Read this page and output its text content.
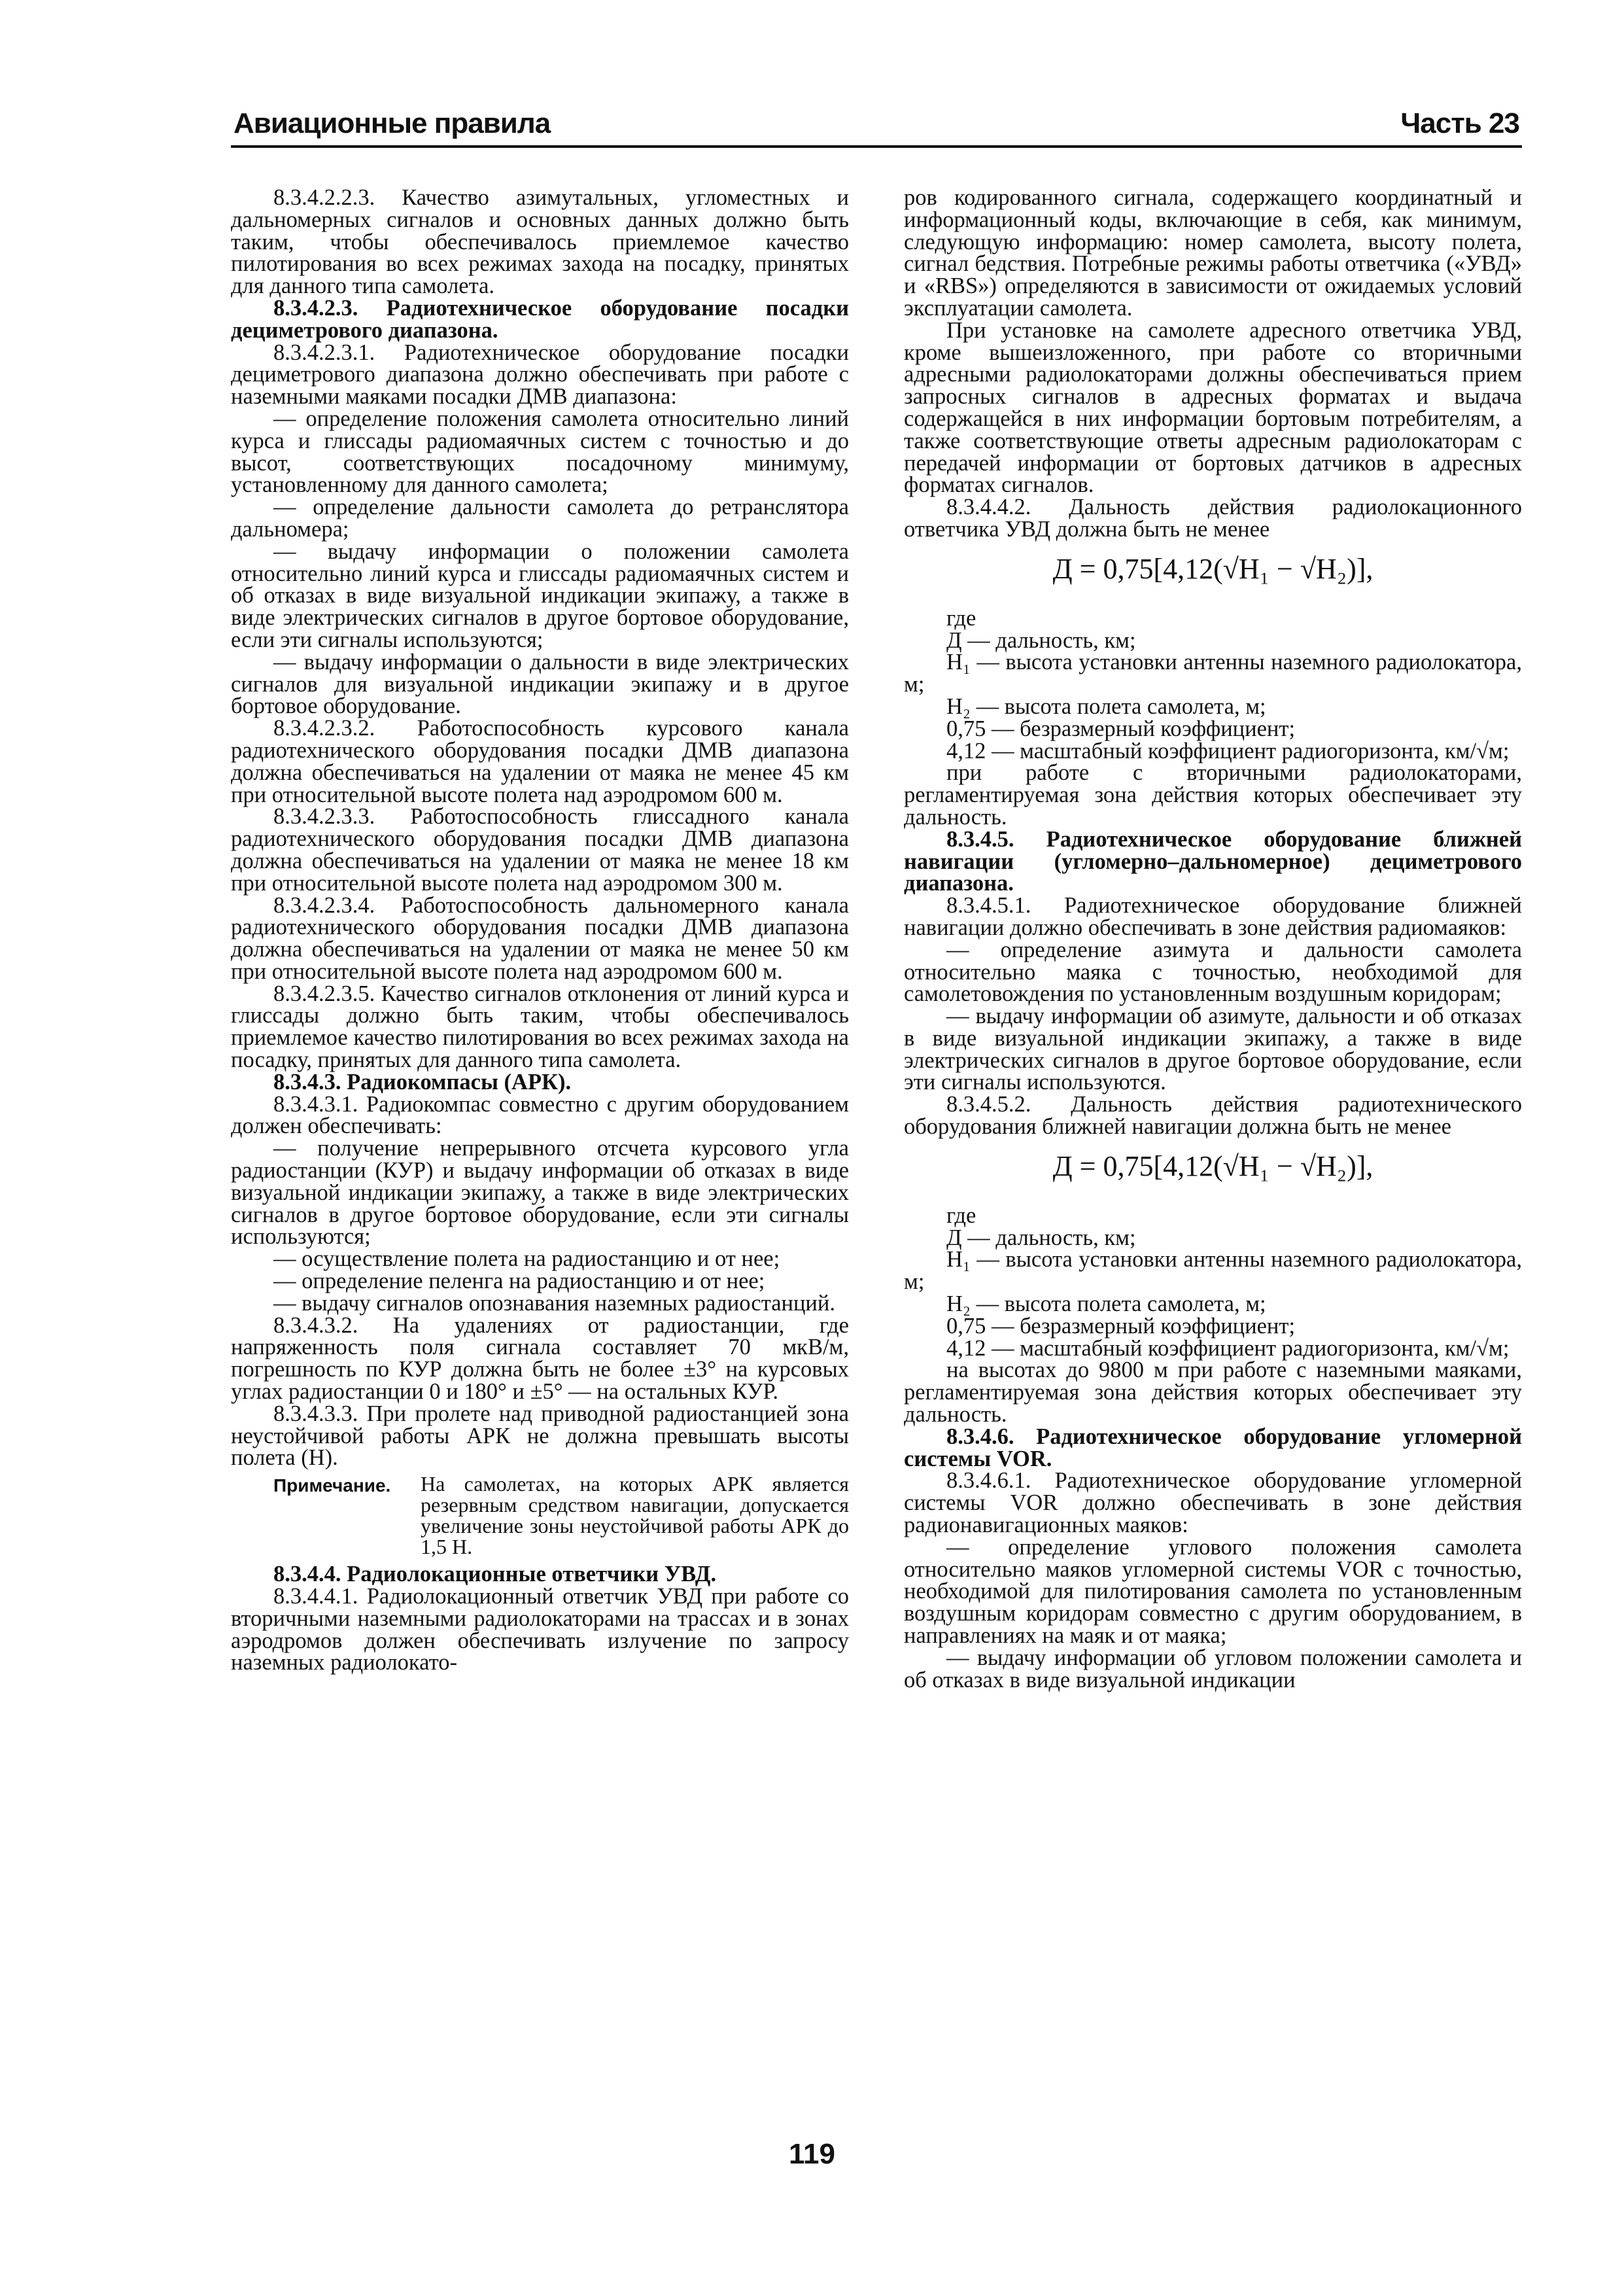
Авиационные правила	Часть 23

8.3.4.2.2.3. Качество азимутальных, угломестных и дальномерных сигналов и основных данных должно быть таким, чтобы обеспечивалось приемлемое качество пилотирования во всех режимах захода на посадку, принятых для данного типа самолета.

8.3.4.2.3. Радиотехническое оборудование посадки дециметрового диапазона.

8.3.4.2.3.1. Радиотехническое оборудование посадки дециметрового диапазона должно обеспечивать при работе с наземными маяками посадки ДМВ диапазона:

— определение положения самолета относительно линий курса и глиссады радиомаячных систем с точностью и до высот, соответствующих посадочному минимуму, установленному для данного самолета;

— определение дальности самолета до ретранслятора дальномера;

— выдачу информации о положении самолета относительно линий курса и глиссады радиомаячных систем и об отказах в виде визуальной индикации экипажу, а также в виде электрических сигналов в другое бортовое оборудование, если эти сигналы используются;

— выдачу информации о дальности в виде электрических сигналов для визуальной индикации экипажу и в другое бортовое оборудование.

8.3.4.2.3.2. Работоспособность курсового канала радиотехнического оборудования посадки ДМВ диапазона должна обеспечиваться на удалении от маяка не менее 45 км при относительной высоте полета над аэродромом 600 м.

8.3.4.2.3.3. Работоспособность глиссадного канала радиотехнического оборудования посадки ДМВ диапазона должна обеспечиваться на удалении от маяка не менее 18 км при относительной высоте полета над аэродромом 300 м.

8.3.4.2.3.4. Работоспособность дальномерного канала радиотехнического оборудования посадки ДМВ диапазона должна обеспечиваться на удалении от маяка не менее 50 км при относительной высоте полета над аэродромом 600 м.

8.3.4.2.3.5. Качество сигналов отклонения от линий курса и глиссады должно быть таким, чтобы обеспечивалось приемлемое качество пилотирования во всех режимах захода на посадку, принятых для данного типа самолета.

8.3.4.3. Радиокомпасы (АРК).

8.3.4.3.1. Радиокомпас совместно с другим оборудованием должен обеспечивать:

— получение непрерывного отсчета курсового угла радиостанции (КУР) и выдачу информации об отказах в виде визуальной индикации экипажу, а также в виде электрических сигналов в другое бортовое оборудование, если эти сигналы используются;

— осуществление полета на радиостанцию и от нее;

— определение пеленга на радиостанцию и от нее;

— выдачу сигналов опознавания наземных радиостанций.

8.3.4.3.2. На удалениях от радиостанции, где напряженность поля сигнала составляет 70 мкВ/м, погрешность по КУР должна быть не более ±3° на курсовых углах радиостанции 0 и 180° и ±5° — на остальных КУР.

8.3.4.3.3. При пролете над приводной радиостанцией зона неустойчивой работы АРК не должна превышать высоты полета (H).

Примечание.	На самолетах, на которых АРК является резервным средством навигации, допускается увеличение зоны неустойчивой работы АРК до 1,5 H.

8.3.4.4. Радиолокационные ответчики УВД.

8.3.4.4.1. Радиолокационный ответчик УВД при работе со вторичными наземными радиолокаторами на трассах и в зонах аэродромов должен обеспечивать излучение по запросу наземных радиолокато-

ров кодированного сигнала, содержащего координатный и информационный коды, включающие в себя, как минимум, следующую информацию: номер самолета, высоту полета, сигнал бедствия. Потребные режимы работы ответчика («УВД» и «RBS») определяются в зависимости от ожидаемых условий эксплуатации самолета.

При установке на самолете адресного ответчика УВД, кроме вышеизложенного, при работе со вторичными адресными радиолокаторами должны обеспечиваться прием запросных сигналов в адресных форматах и выдача содержащейся в них информации бортовым потребителям, а также соответствующие ответы адресным радиолокаторам с передачей информации от бортовых датчиков в адресных форматах сигналов.

8.3.4.4.2. Дальность действия радиолокационного ответчика УВД должна быть не менее

Д = 0,75[4,12(√H₁ − √H₂)],

где

Д — дальность, км;

H₁ — высота установки антенны наземного радиолокатора, м;

H₂ — высота полета самолета, м;

0,75 — безразмерный коэффициент;

4,12 — масштабный коэффициент радиогоризонта, км/√м;

при работе с вторичными радиолокаторами, регламентируемая зона действия которых обеспечивает эту дальность.

8.3.4.5. Радиотехническое оборудование ближней навигации (угломерно–дальномерное) дециметрового диапазона.

8.3.4.5.1. Радиотехническое оборудование ближней навигации должно обеспечивать в зоне действия радиомаяков:

— определение азимута и дальности самолета относительно маяка с точностью, необходимой для самолетовождения по установленным воздушным коридорам;

— выдачу информации об азимуте, дальности и об отказах в виде визуальной индикации экипажу, а также в виде электрических сигналов в другое бортовое оборудование, если эти сигналы используются.

8.3.4.5.2. Дальность действия радиотехнического оборудования ближней навигации должна быть не менее

Д = 0,75[4,12(√H₁ − √H₂)],

где

Д — дальность, км;

H₁ — высота установки антенны наземного радиолокатора, м;

H₂ — высота полета самолета, м;

0,75 — безразмерный коэффициент;

4,12 — масштабный коэффициент радиогоризонта, км/√м;

на высотах до 9800 м при работе с наземными маяками, регламентируемая зона действия которых обеспечивает эту дальность.

8.3.4.6. Радиотехническое оборудование угломерной системы VOR.

8.3.4.6.1. Радиотехническое оборудование угломерной системы VOR должно обеспечивать в зоне действия радионавигационных маяков:

— определение углового положения самолета относительно маяков угломерной системы VOR с точностью, необходимой для пилотирования самолета по установленным воздушным коридорам совместно с другим оборудованием, в направлениях на маяк и от маяка;

— выдачу информации об угловом положении самолета и об отказах в виде визуальной индикации

119
